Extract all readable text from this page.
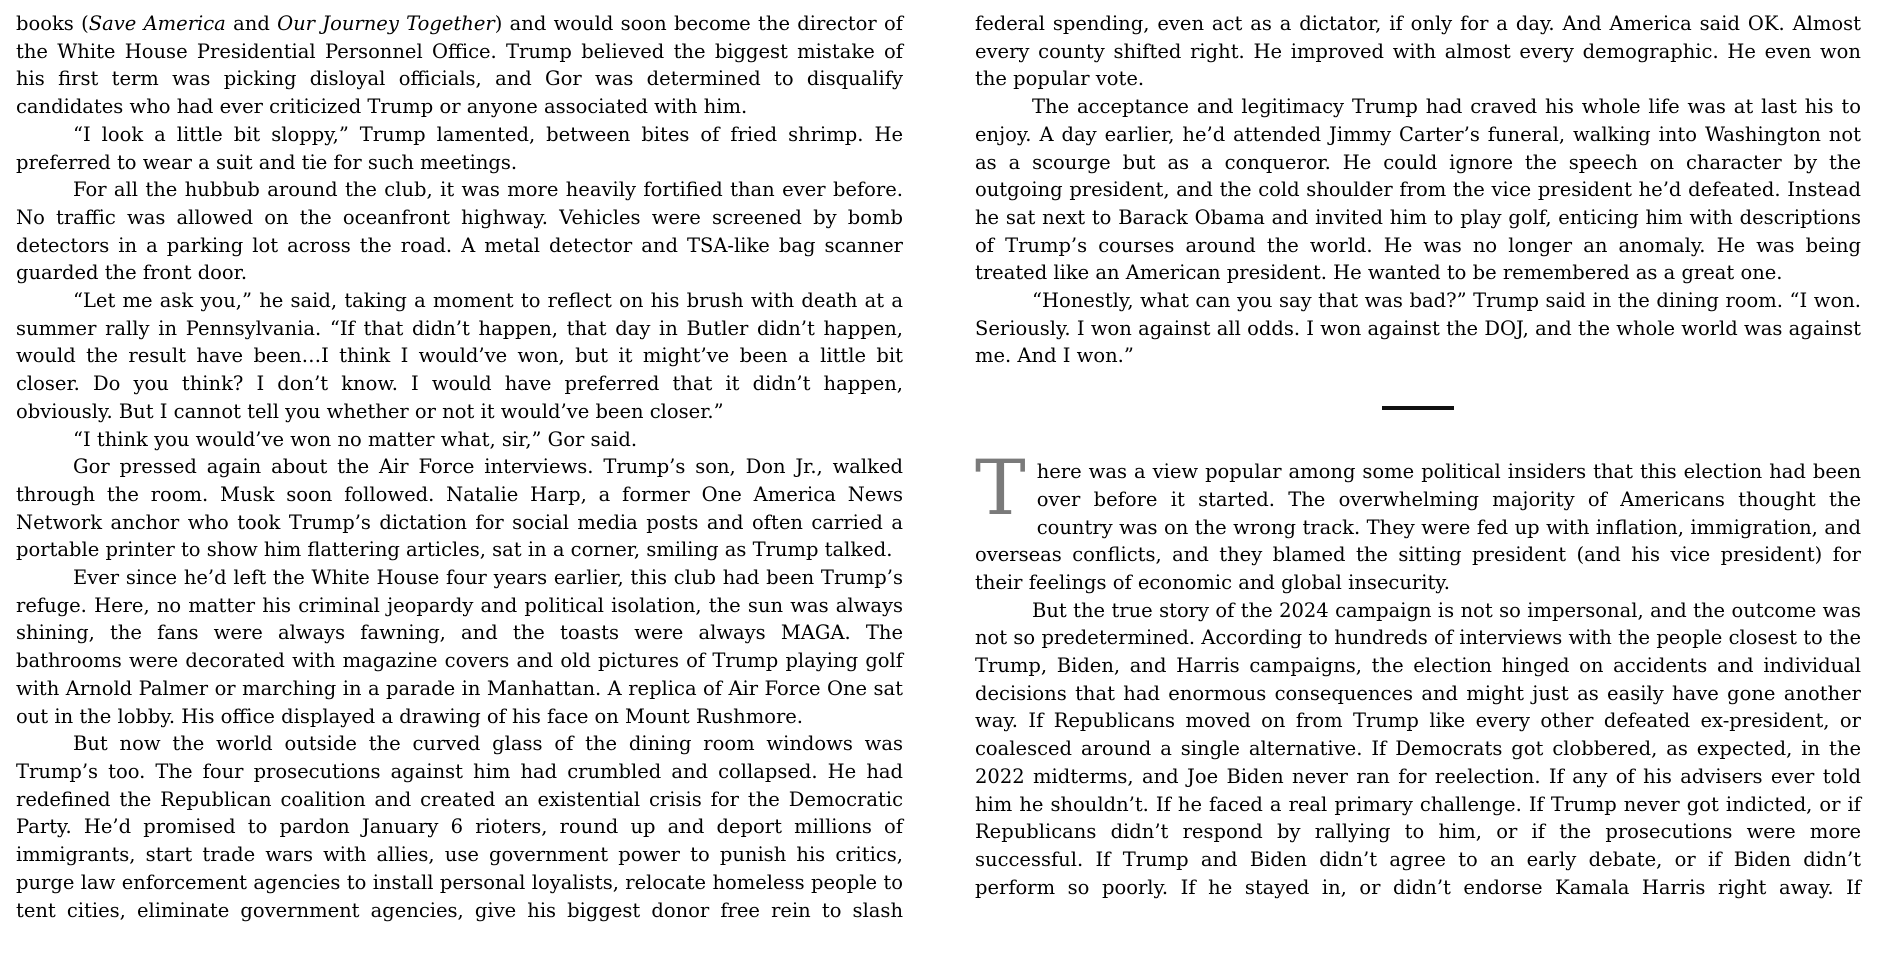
books (Save America and Our Journey Together) and would soon become the director of the White House Presidential Personnel Office. Trump believed the biggest mistake of his first term was picking disloyal officials, and Gor was determined to disqualify candidates who had ever criticized Trump or anyone associated with him.

“I look a little bit sloppy,” Trump lamented, between bites of fried shrimp. He preferred to wear a suit and tie for such meetings.

For all the hubbub around the club, it was more heavily fortified than ever before. No traffic was allowed on the oceanfront highway. Vehicles were screened by bomb detectors in a parking lot across the road. A metal detector and TSA-like bag scanner guarded the front door.

“Let me ask you,” he said, taking a moment to reflect on his brush with death at a summer rally in Pennsylvania. “If that didn’t happen, that day in Butler didn’t happen, would the result have been…I think I would’ve won, but it might’ve been a little bit closer. Do you think? I don’t know. I would have preferred that it didn’t happen, obviously. But I cannot tell you whether or not it would’ve been closer.”

“I think you would’ve won no matter what, sir,” Gor said.

Gor pressed again about the Air Force interviews. Trump’s son, Don Jr., walked through the room. Musk soon followed. Natalie Harp, a former One America News Network anchor who took Trump’s dictation for social media posts and often carried a portable printer to show him flattering articles, sat in a corner, smiling as Trump talked.

Ever since he’d left the White House four years earlier, this club had been Trump’s refuge. Here, no matter his criminal jeopardy and political isolation, the sun was always shining, the fans were always fawning, and the toasts were always MAGA. The bathrooms were decorated with magazine covers and old pictures of Trump playing golf with Arnold Palmer or marching in a parade in Manhattan. A replica of Air Force One sat out in the lobby. His office displayed a drawing of his face on Mount Rushmore.

But now the world outside the curved glass of the dining room windows was Trump’s too. The four prosecutions against him had crumbled and collapsed. He had redefined the Republican coalition and created an existential crisis for the Democratic Party. He’d promised to pardon January 6 rioters, round up and deport millions of immigrants, start trade wars with allies, use government power to punish his critics, purge law enforcement agencies to install personal loyalists, relocate homeless people to tent cities, eliminate government agencies, give his biggest donor free rein to slash

federal spending, even act as a dictator, if only for a day. And America said OK. Almost every county shifted right. He improved with almost every demographic. He even won the popular vote.

The acceptance and legitimacy Trump had craved his whole life was at last his to enjoy. A day earlier, he’d attended Jimmy Carter’s funeral, walking into Washington not as a scourge but as a conqueror. He could ignore the speech on character by the outgoing president, and the cold shoulder from the vice president he’d defeated. Instead he sat next to Barack Obama and invited him to play golf, enticing him with descriptions of Trump’s courses around the world. He was no longer an anomaly. He was being treated like an American president. He wanted to be remembered as a great one.

“Honestly, what can you say that was bad?” Trump said in the dining room. “I won. Seriously. I won against all odds. I won against the DOJ, and the whole world was against me. And I won.”

There was a view popular among some political insiders that this election had been over before it started. The overwhelming majority of Americans thought the country was on the wrong track. They were fed up with inflation, immigration, and overseas conflicts, and they blamed the sitting president (and his vice president) for their feelings of economic and global insecurity.

But the true story of the 2024 campaign is not so impersonal, and the outcome was not so predetermined. According to hundreds of interviews with the people closest to the Trump, Biden, and Harris campaigns, the election hinged on accidents and individual decisions that had enormous consequences and might just as easily have gone another way. If Republicans moved on from Trump like every other defeated ex-president, or coalesced around a single alternative. If Democrats got clobbered, as expected, in the 2022 midterms, and Joe Biden never ran for reelection. If any of his advisers ever told him he shouldn’t. If he faced a real primary challenge. If Trump never got indicted, or if Republicans didn’t respond by rallying to him, or if the prosecutions were more successful. If Trump and Biden didn’t agree to an early debate, or if Biden didn’t perform so poorly. If he stayed in, or didn’t endorse Kamala Harris right away. If
